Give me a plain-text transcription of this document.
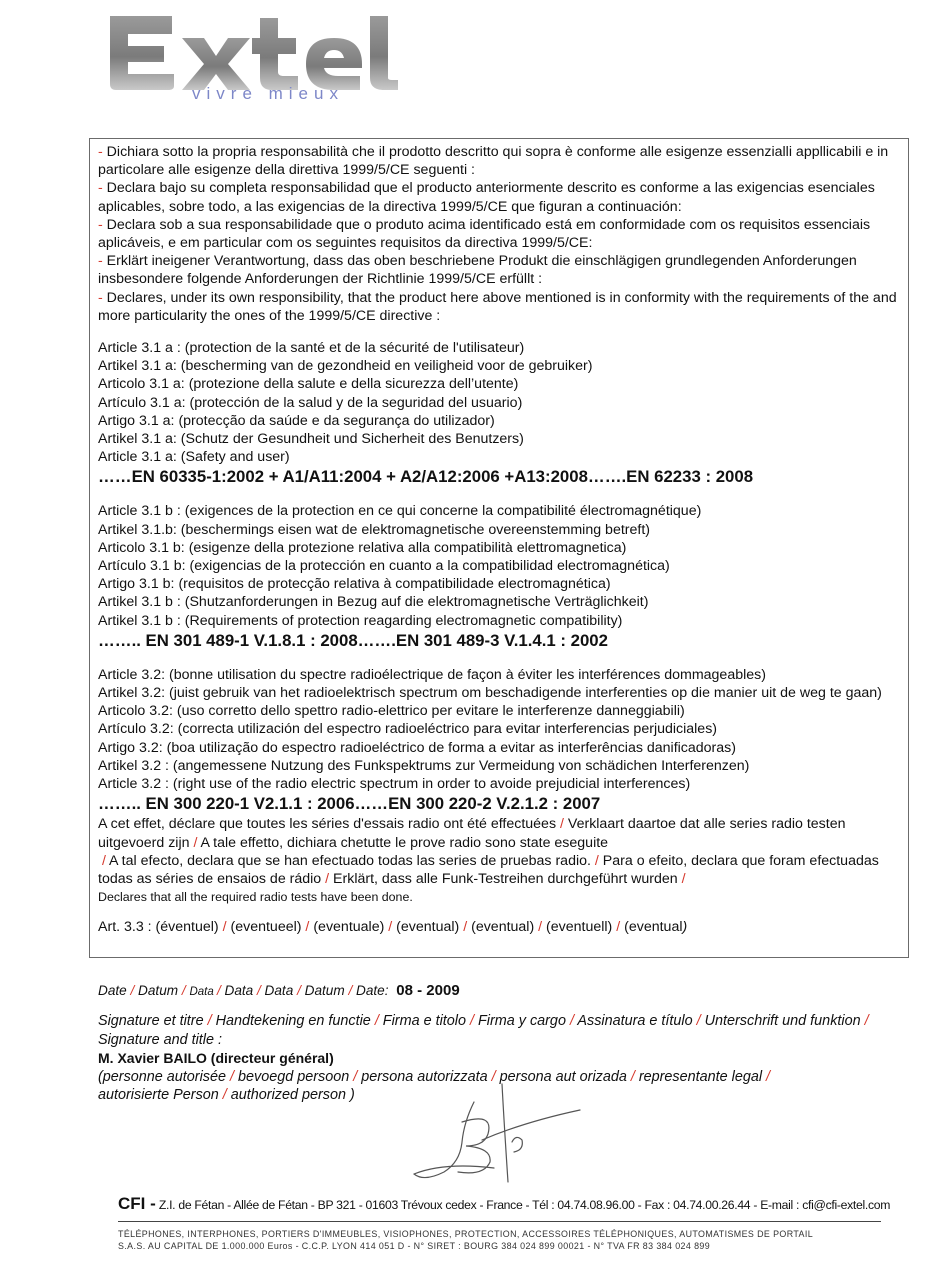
vivre mieux

- Dichiara sotto la propria responsabilità che il prodotto descritto qui sopra è conforme alle esigenze essenzialli appllicabili e in particolare alle esigenze della direttiva 1999/5/CE seguenti :

- Declara bajo su completa responsabilidad que el producto anteriormente descrito es conforme a las exigencias esenciales aplicables, sobre todo, a las exigencias de la directiva 1999/5/CE que figuran a continuación:

- Declara sob a sua responsabilidade que o produto acima identificado está em conformidade com os requisitos essenciais aplicáveis, e em particular com os seguintes requisitos da directiva 1999/5/CE:

- Erklärt ineigener Verantwortung, dass das oben beschriebene Produkt die einschlägigen grundlegenden Anforderungen insbesondere folgende Anforderungen der Richtlinie 1999/5/CE erfüllt :

- Declares, under its own responsibility, that the product here above mentioned is in conformity with the requirements of the and more particularity the ones of the 1999/5/CE directive :

Article 3.1 a : (protection de la santé et de la sécurité de l'utilisateur)

Artikel 3.1 a: (bescherming van de gezondheid en veiligheid voor de gebruiker)

Articolo 3.1 a: (protezione della salute e della sicurezza dell’utente)

Artículo 3.1 a: (protección de la salud y de la seguridad del usuario)

Artigo 3.1 a: (protecção da saúde e da segurança do utilizador)

Artikel 3.1 a: (Schutz der Gesundheit und Sicherheit des Benutzers)

Article 3.1 a: (Safety and user)

……EN 60335-1:2002 + A1/A11:2004 + A2/A12:2006 +A13:2008…….EN 62233 : 2008

Article 3.1 b : (exigences de la protection en ce qui concerne la compatibilité électromagnétique)

Artikel 3.1.b: (beschermings eisen wat de elektromagnetische overeenstemming betreft)

Articolo 3.1 b: (esigenze della protezione relativa alla compatibilità elettromagnetica)

Artículo 3.1 b: (exigencias de la protección en cuanto a la compatibilidad electromagnética)

Artigo 3.1 b: (requisitos de protecção relativa à compatibilidade electromagnética)

Artikel 3.1 b : (Shutzanforderungen in Bezug auf die elektromagnetische Verträglichkeit)

Artikel 3.1 b : (Requirements of protection reagarding electromagnetic compatibility)

…….. EN 301 489-1 V.1.8.1 : 2008…….EN 301 489-3 V.1.4.1 : 2002

Article 3.2: (bonne utilisation du spectre radioélectrique de façon à éviter les interférences dommageables)

Artikel 3.2: (juist gebruik van het radioelektrisch spectrum om beschadigende interferenties op die manier uit de weg te gaan)

Articolo 3.2: (uso corretto dello spettro radio-elettrico per evitare le interferenze danneggiabili)

Artículo 3.2: (correcta utilización del espectro radioeléctrico para evitar interferencias perjudiciales)

Artigo 3.2: (boa utilização do espectro radioeléctrico de forma a evitar as interferências danificadoras)

Artikel 3.2 : (angemessene Nutzung des Funkspektrums zur Vermeidung von schädichen Interferenzen)

Article 3.2 : (right use of the radio electric spectrum in order to avoide prejudicial interferences)

…….. EN 300 220-1 V2.1.1 : 2006……EN 300 220-2 V.2.1.2 : 2007

A cet effet, déclare que toutes les séries d'essais radio ont été effectuées / Verklaart daartoe dat alle series radio testen uitgevoerd zijn / A tale effetto, dichiara chetutte le prove radio sono state eseguite
/ A tal efecto, declara que se han efectuado todas las series de pruebas radio. / Para o efeito, declara que foram efectuadas todas as séries de ensaios de rádio / Erklärt, dass alle Funk-Testreihen durchgeführt wurden /

Declares that all the required radio tests have been done.

Art. 3.3 : (éventuel) / (eventueel) / (eventuale) / (eventual) / (eventual) / (eventuell) / (eventual)

Date / Datum / Data / Data / Data / Datum / Date: 08 - 2009
Signature et titre / Handtekening en functie / Firma e titolo / Firma y cargo / Assinatura e título / Unterschrift und funktion / Signature and title :
M. Xavier BAILO (directeur général)
(personne autorisée / bevoegd persoon / persona autorizzata / persona aut orizada / representante legal /
autorisierte Person / authorized person )
CFI - Z.I. de Fétan - Allée de Fétan - BP 321 - 01603 Trévoux cedex - France - Tél : 04.74.08.96.00 - Fax : 04.74.00.26.44 - E-mail : cfi@cfi-extel.com
TÉLÉPHONES, INTERPHONES, PORTIERS D'IMMEUBLES, VISIOPHONES, PROTECTION, ACCESSOIRES TÉLÉPHONIQUES, AUTOMATISMES DE PORTAIL
S.A.S. AU CAPITAL DE 1.000.000 Euros - C.C.P. LYON 414 051 D - N° SIRET : BOURG 384 024 899 00021 - N° TVA FR 83 384 024 899
